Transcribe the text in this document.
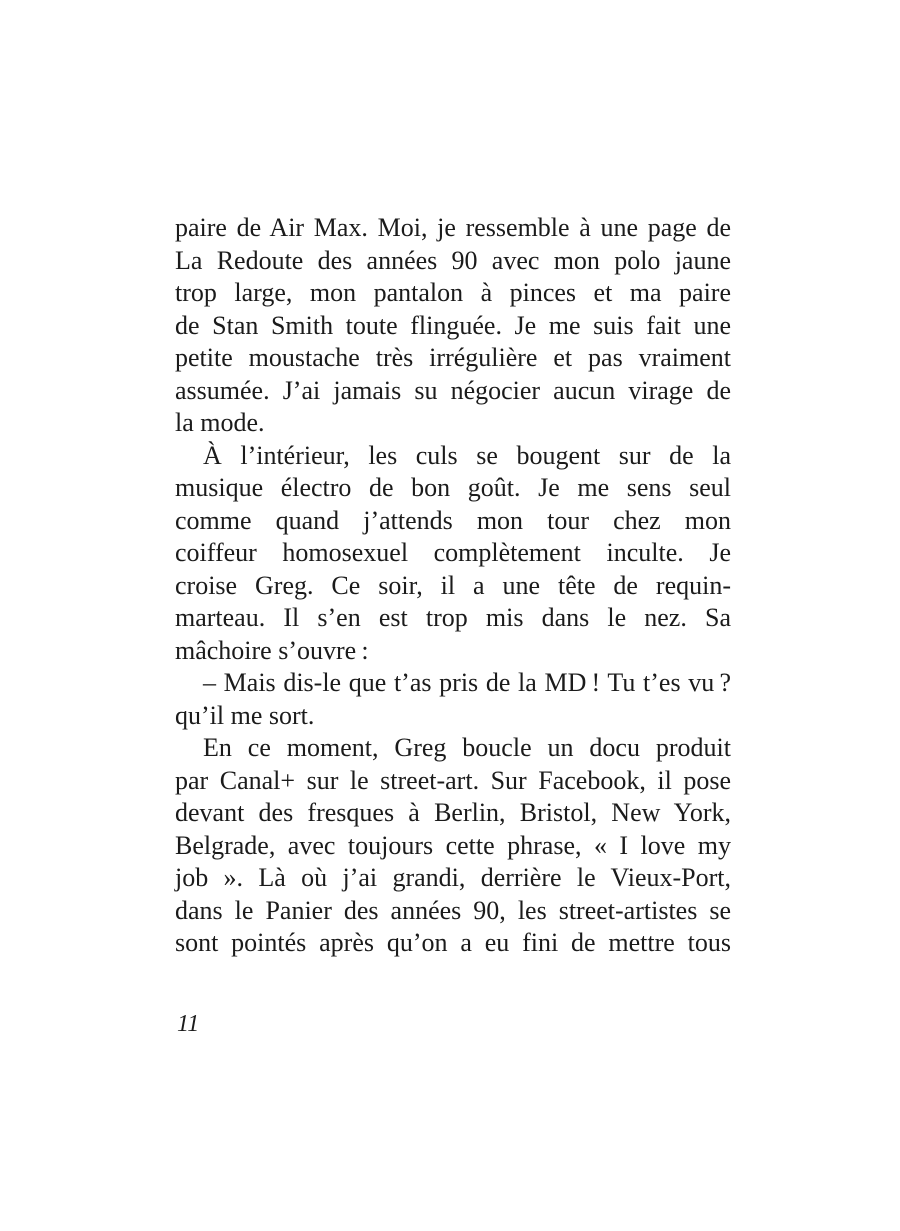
paire de Air Max. Moi, je ressemble à une page de
La Redoute des années 90 avec mon polo jaune
trop large, mon pantalon à pinces et ma paire
de Stan Smith toute flinguée. Je me suis fait une
petite moustache très irrégulière et pas vraiment
assumée. J’ai jamais su négocier aucun virage de
la mode.
À l’intérieur, les culs se bougent sur de la
musique électro de bon goût. Je me sens seul
comme quand j’attends mon tour chez mon
coiffeur homosexuel complètement inculte. Je
croise Greg. Ce soir, il a une tête de requin-
marteau. Il s’en est trop mis dans le nez. Sa
mâchoire s’ouvre :
– Mais dis-le que t’as pris de la MD ! Tu t’es vu ?
qu’il me sort.
En ce moment, Greg boucle un docu produit
par Canal+ sur le street-art. Sur Facebook, il pose
devant des fresques à Berlin, Bristol, New York,
Belgrade, avec toujours cette phrase, « I love my
job ». Là où j’ai grandi, derrière le Vieux-Port,
dans le Panier des années 90, les street-artistes se
sont pointés après qu’on a eu fini de mettre tous
11
